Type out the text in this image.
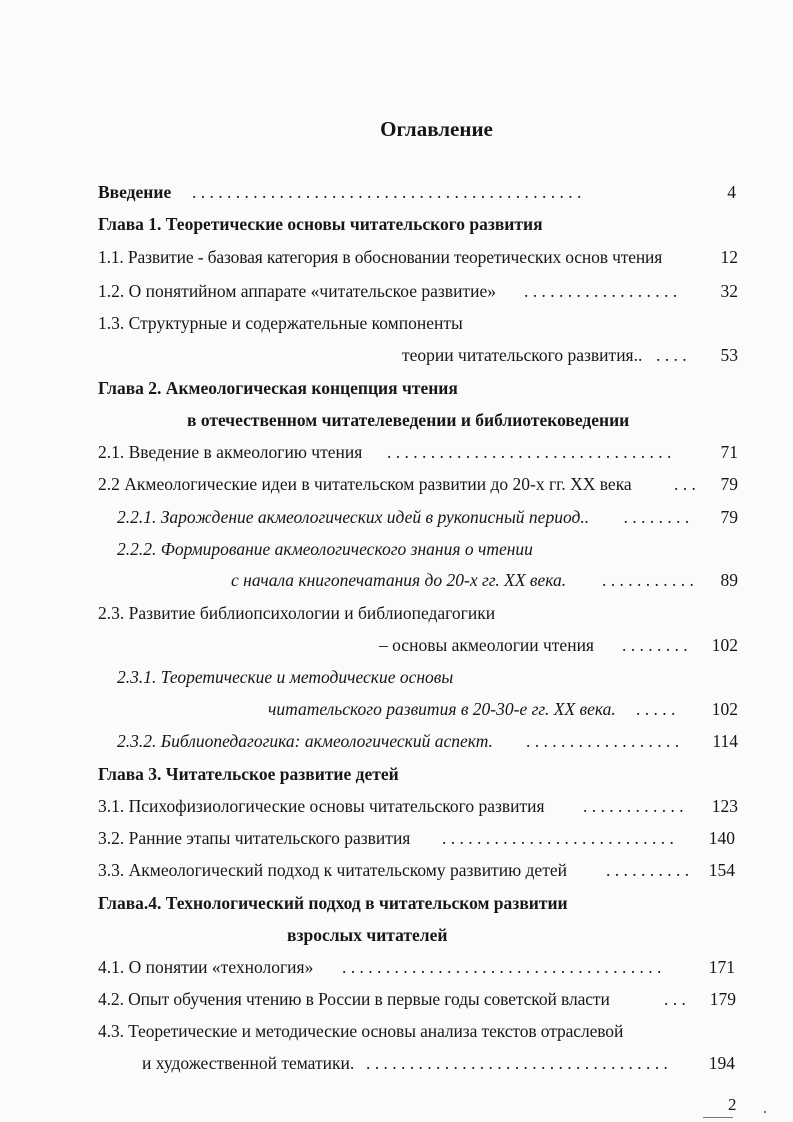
Оглавление
Введение . . . . . . . . . . . . . . . . . . . . . . . . . . . . . . . . . . . . . . . . . . . . .	4
Глава 1. Теоретические основы читательского развития
1.1. Развитие - базовая категория в обосновании теоретических основ чтения	12
1.2. О понятийном аппарате «читательское развитие» . . . . . . . . . . . . . . . . . .	32
1.3. Структурные и содержательные компоненты
теории читательского развития.. . . . .	53
Глава 2. Акмеологическая концепция чтения
в отечественном читателеведении и библиотековедении
2.1. Введение в акмеологию чтения . . . . . . . . . . . . . . . . . . . . . . . . . . . . . . . . .	71
2.2 Акмеологические идеи в читательском развитии до 20-х гг. XX века . . .	79
2.2.1. Зарождение акмеологических идей в рукописный период.. . . . . . . . .	79
2.2.2. Формирование акмеологического знания о чтении
с начала книгопечатания до 20-х гг. XX века. . . . . . . . . . . .	89
2.3. Развитие библиопсихологии и библиопедагогики
– основы акмеологии чтения . . . . . . . .	102
2.3.1. Теоретические и методические основы
читательского развития в 20-30-е гг. XX века. . . . . .	102
2.3.2. Библиопедагогика: акмеологический аспект. . . . . . . . . . . . . . . . . . .	114
Глава 3. Читательское развитие детей
3.1. Психофизиологические основы читательского развития . . . . . . . . . . . .	123
3.2. Ранние этапы читательского развития . . . . . . . . . . . . . . . . . . . . . . . . . . .	140
3.3. Акмеологический подход к читательскому развитию детей . . . . . . . . . .	154
Глава.4. Технологический подход в читательском развитии
взрослых читателей
4.1. О понятии «технология» . . . . . . . . . . . . . . . . . . . . . . . . . . . . . . . . . . . . .	171
4.2. Опыт обучения чтению в России в первые годы советской власти	. . .	179
4.3. Теоретические и методические основы анализа текстов отраслевой
и художественной тематики. . . . . . . . . . . . . . . . . . . . . . . . . . . . . . . . . . . .	194
2
